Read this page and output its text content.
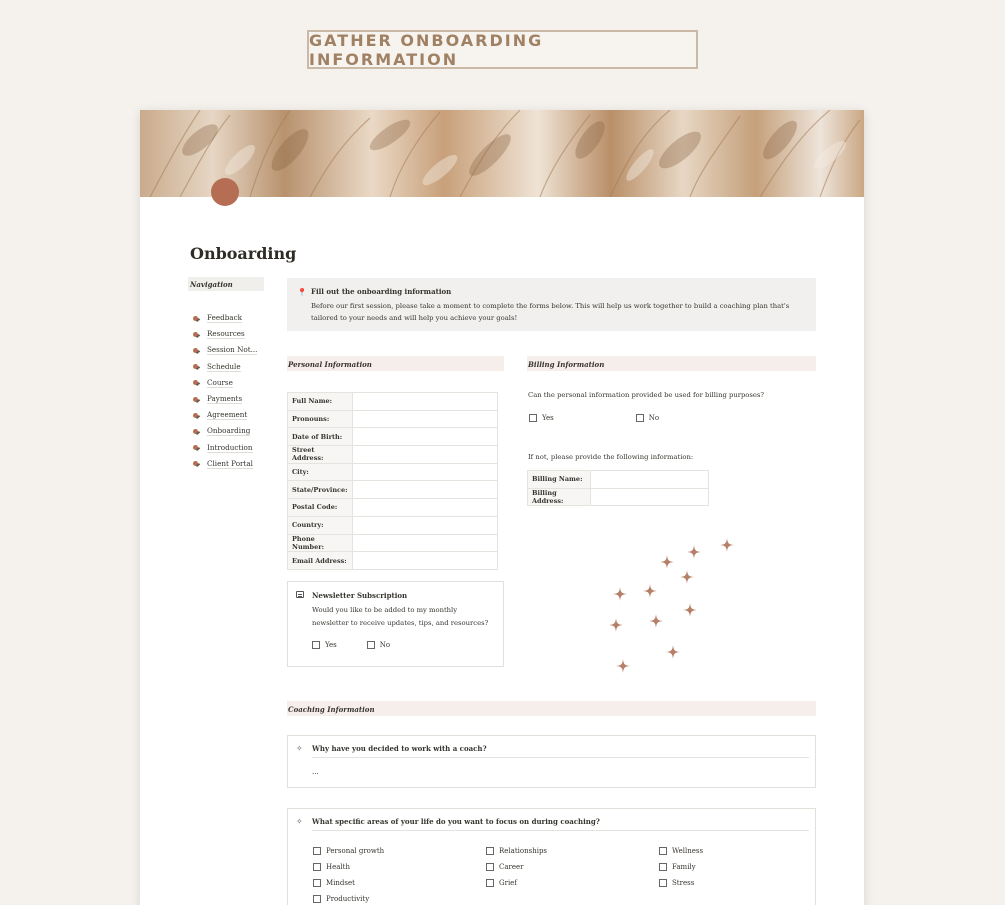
GATHER ONBOARDING INFORMATION
Onboarding
Navigation
Feedback
Resources
Session Not...
Schedule
Course
Payments
Agreement
Onboarding
Introduction
Client Portal
📍 Fill out the onboarding information
Before our first session, please take a moment to complete the forms below. This will help us work together to build a coaching plan that's tailored to your needs and will help you achieve your goals!
Personal Information
Full Name:	
Pronouns:	
Date of Birth:	
Street Address:	
City:	
State/Province:	
Postal Code:	
Country:	
Phone Number:	
Email Address:	
Newsletter Subscription
Would you like to be added to my monthly newsletter to receive updates, tips, and resources?
Yes	No
Billing Information
Can the personal information provided be used for billing purposes?
Yes	No
If not, please provide the following information:
Billing Name:	
Billing Address:	
Coaching Information
✧ Why have you decided to work with a coach?
...
✧ What specific areas of your life do you want to focus on during coaching?
Personal growth	Relationships	Wellness
Health	Career	Family
Mindset	Grief	Stress
Productivity
